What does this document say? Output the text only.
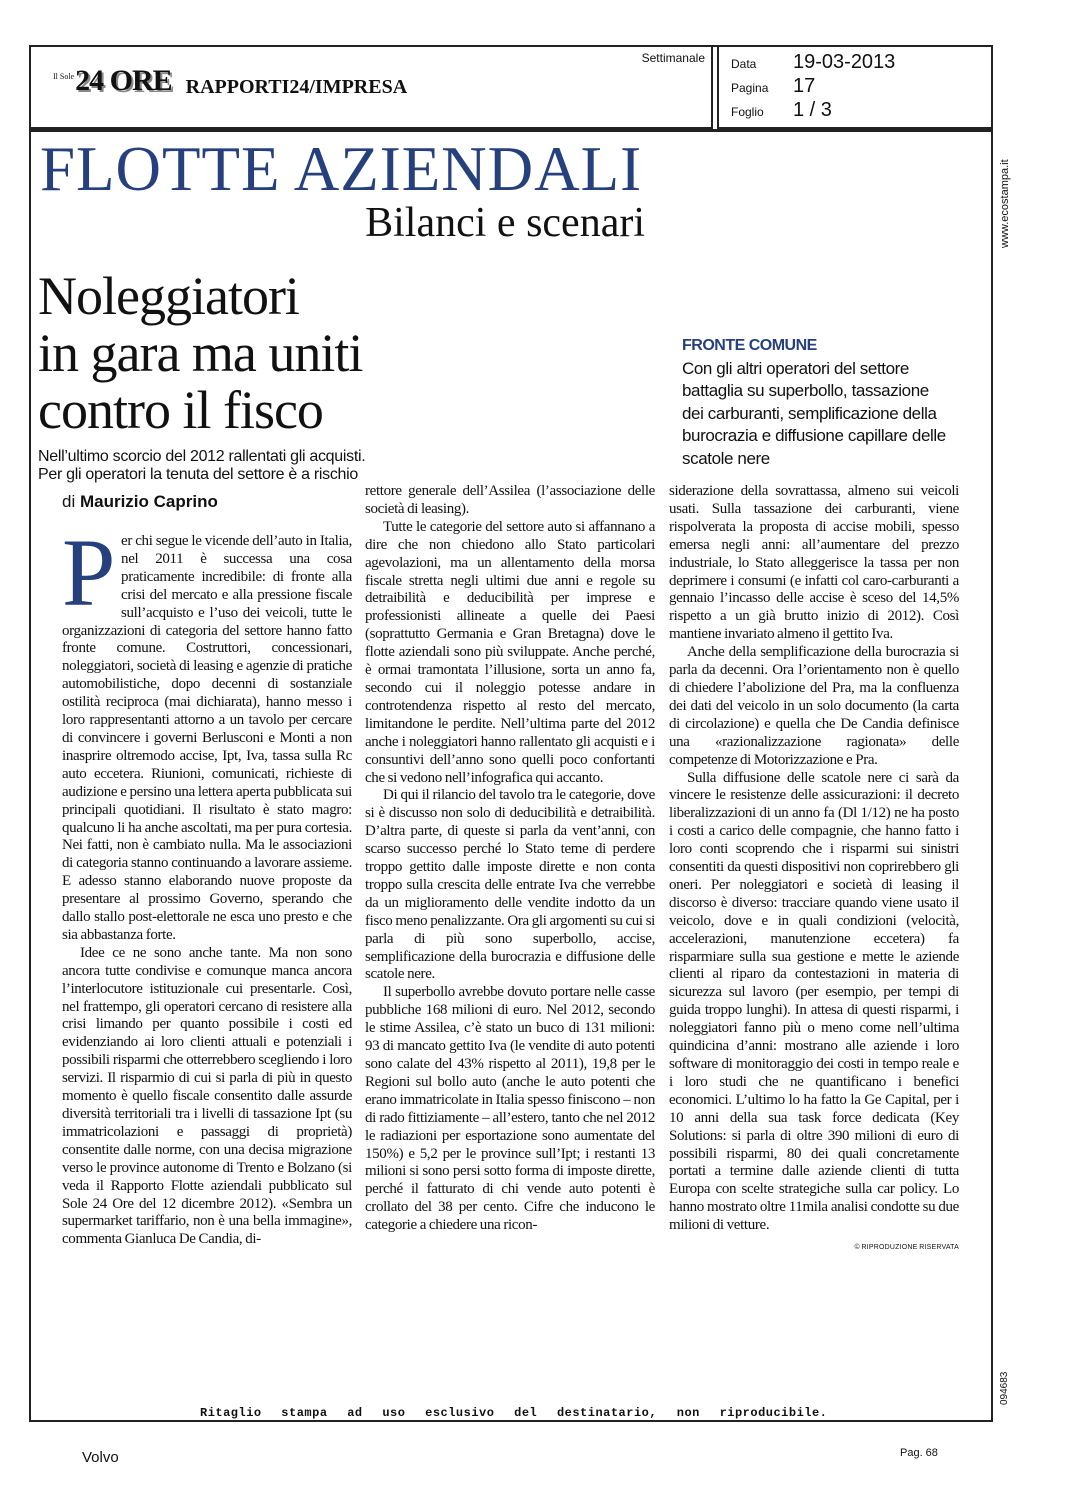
Il Sole 24 ORE RAPPORTI24/IMPRESA
Settimanale Data	19-03-2013
Pagina	17
Foglio	1 / 3
FLOTTE AZIENDALI
Bilanci e scenari
Noleggiatori
in gara ma uniti
contro il fisco
Nell’ultimo scorcio del 2012 rallentati gli acquisti. Per gli operatori la tenuta del settore è a rischio
di Maurizio Caprino
FRONTE COMUNE
Con gli altri operatori del settore battaglia su superbollo, tassazione dei carburanti, semplificazione della burocrazia e diffusione capillare delle scatole nere

Per chi segue le vicende dell’auto in Italia, nel 2011 è successa una cosa praticamente incredibile: di fronte alla crisi del mercato e alla pressione fiscale sull’acquisto e l’uso dei veicoli, tutte le organizzazioni di categoria del settore hanno fatto fronte comune. Costruttori, concessionari, noleggiatori, società di leasing e agenzie di pratiche automobilistiche, dopo decenni di sostanziale ostilità reciproca (mai dichiarata), hanno messo i loro rappresentanti attorno a un tavolo per cercare di convincere i governi Berlusconi e Monti a non inasprire oltremodo accise, Ipt, Iva, tassa sulla Rc auto eccetera. Riunioni, comunicati, richieste di audizione e persino una lettera aperta pubblicata sui principali quotidiani. Il risultato è stato magro: qualcuno li ha anche ascoltati, ma per pura cortesia. Nei fatti, non è cambiato nulla. Ma le associazioni di categoria stanno continuando a lavorare assieme. E adesso stanno elaborando nuove proposte da presentare al prossimo Governo, sperando che dallo stallo post-elettorale ne esca uno presto e che sia abbastanza forte.

Idee ce ne sono anche tante. Ma non sono ancora tutte condivise e comunque manca ancora l’interlocutore istituzionale cui presentarle. Così, nel frattempo, gli operatori cercano di resistere alla crisi limando per quanto possibile i costi ed evidenziando ai loro clienti attuali e potenziali i possibili risparmi che otterrebbero scegliendo i loro servizi. Il risparmio di cui si parla di più in questo momento è quello fiscale consentito dalle assurde diversità territoriali tra i livelli di tassazione Ipt (su immatricolazioni e passaggi di proprietà) consentite dalle norme, con una decisa migrazione verso le province autonome di Trento e Bolzano (si veda il Rapporto Flotte aziendali pubblicato sul Sole 24 Ore del 12 dicembre 2012). «Sembra un supermarket tariffario, non è una bella immagine», commenta Gianluca De Candia, di-

rettore generale dell’Assilea (l’associazione delle società di leasing).

Tutte le categorie del settore auto si affannano a dire che non chiedono allo Stato particolari agevolazioni, ma un allentamento della morsa fiscale stretta negli ultimi due anni e regole su detraibilità e deducibilità per imprese e professionisti allineate a quelle dei Paesi (soprattutto Germania e Gran Bretagna) dove le flotte aziendali sono più sviluppate. Anche perché, è ormai tramontata l’illusione, sorta un anno fa, secondo cui il noleggio potesse andare in controtendenza rispetto al resto del mercato, limitandone le perdite. Nell’ultima parte del 2012 anche i noleggiatori hanno rallentato gli acquisti e i consuntivi dell’anno sono quelli poco confortanti che si vedono nell’infografica qui accanto.

Di qui il rilancio del tavolo tra le categorie, dove si è discusso non solo di deducibilità e detraibilità. D’altra parte, di queste si parla da vent’anni, con scarso successo perché lo Stato teme di perdere troppo gettito dalle imposte dirette e non conta troppo sulla crescita delle entrate Iva che verrebbe da un miglioramento delle vendite indotto da un fisco meno penalizzante. Ora gli argomenti su cui si parla di più sono superbollo, accise, semplificazione della burocrazia e diffusione delle scatole nere.

Il superbollo avrebbe dovuto portare nelle casse pubbliche 168 milioni di euro. Nel 2012, secondo le stime Assilea, c’è stato un buco di 131 milioni: 93 di mancato gettito Iva (le vendite di auto potenti sono calate del 43% rispetto al 2011), 19,8 per le Regioni sul bollo auto (anche le auto potenti che erano immatricolate in Italia spesso finiscono – non di rado fittiziamente – all’estero, tanto che nel 2012 le radiazioni per esportazione sono aumentate del 150%) e 5,2 per le province sull’Ipt; i restanti 13 milioni si sono persi sotto forma di imposte dirette, perché il fatturato di chi vende auto potenti è crollato del 38 per cento. Cifre che inducono le categorie a chiedere una ricon-

siderazione della sovrattassa, almeno sui veicoli usati. Sulla tassazione dei carburanti, viene rispolverata la proposta di accise mobili, spesso emersa negli anni: all’aumentare del prezzo industriale, lo Stato alleggerisce la tassa per non deprimere i consumi (e infatti col caro-carburanti a gennaio l’incasso delle accise è sceso del 14,5% rispetto a un già brutto inizio di 2012). Così mantiene invariato almeno il gettito Iva.

Anche della semplificazione della burocrazia si parla da decenni. Ora l’orientamento non è quello di chiedere l’abolizione del Pra, ma la confluenza dei dati del veicolo in un solo documento (la carta di circolazione) e quella che De Candia definisce una «razionalizzazione ragionata» delle competenze di Motorizzazione e Pra.

Sulla diffusione delle scatole nere ci sarà da vincere le resistenze delle assicurazioni: il decreto liberalizzazioni di un anno fa (Dl 1/12) ne ha posto i costi a carico delle compagnie, che hanno fatto i loro conti scoprendo che i risparmi sui sinistri consentiti da questi dispositivi non coprirebbero gli oneri. Per noleggiatori e società di leasing il discorso è diverso: tracciare quando viene usato il veicolo, dove e in quali condizioni (velocità, accelerazioni, manutenzione eccetera) fa risparmiare sulla sua gestione e mette le aziende clienti al riparo da contestazioni in materia di sicurezza sul lavoro (per esempio, per tempi di guida troppo lunghi). In attesa di questi risparmi, i noleggiatori fanno più o meno come nell’ultima quindicina d’anni: mostrano alle aziende i loro software di monitoraggio dei costi in tempo reale e i loro studi che ne quantificano i benefici economici. L’ultimo lo ha fatto la Ge Capital, per i 10 anni della sua task force dedicata (Key Solutions: si parla di oltre 390 milioni di euro di possibili risparmi, 80 dei quali concretamente portati a termine dalle aziende clienti di tutta Europa con scelte strategiche sulla car policy. Lo hanno mostrato oltre 11mila analisi condotte su due milioni di vetture.

© RIPRODUZIONE RISERVATA
www.ecostampa.it
094683
Ritaglio stampa ad uso esclusivo del destinatario, non riproducibile.
Volvo	Pag. 68
